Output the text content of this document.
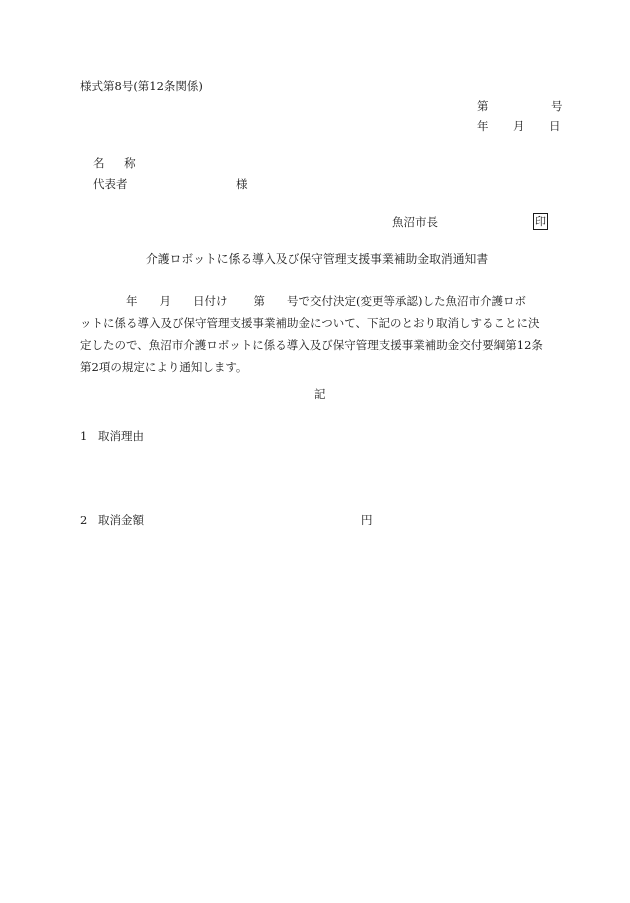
様式第8号(第12条関係)
第	号
年 月 日
名 称
代表者	様
魚沼市長	印
介護ロボットに係る導入及び保守管理支援事業補助金取消通知書
年 月 日付け 第 号で交付決定(変更等承認)した魚沼市介護ロボ
ットに係る導入及び保守管理支援事業補助金について、下記のとおり取消しすることに決
定したので、魚沼市介護ロボットに係る導入及び保守管理支援事業補助金交付要綱第12条
第2項の規定により通知します。
記
1 取消理由
2 取消金額	円
